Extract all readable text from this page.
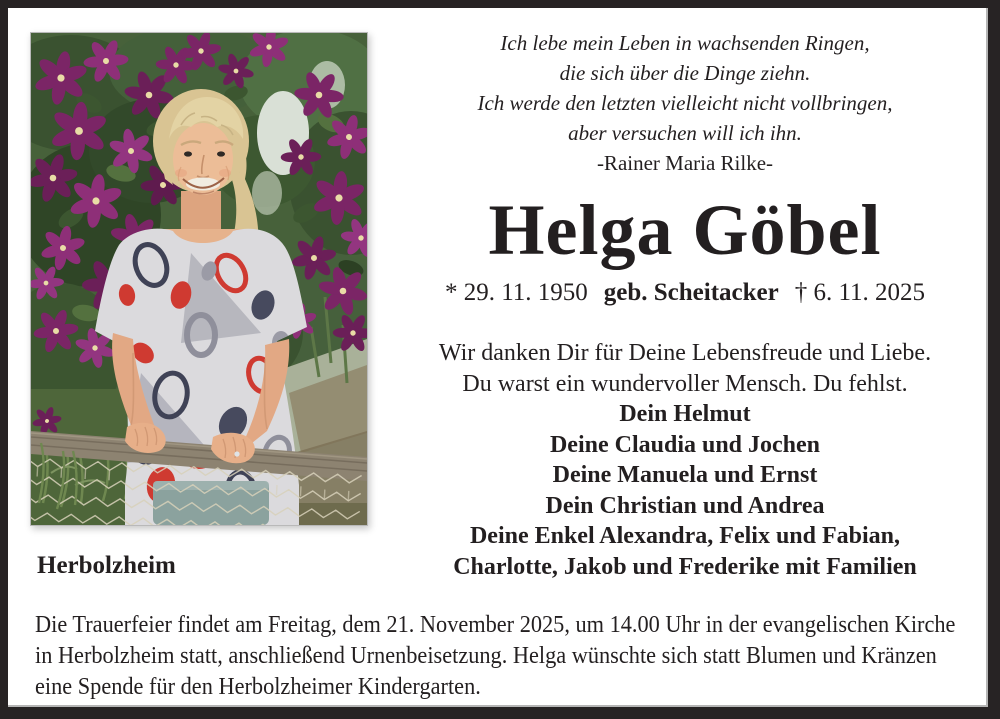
Ich lebe mein Leben in wachsenden Ringen,
die sich über die Dinge ziehn.
Ich werde den letzten vielleicht nicht vollbringen,
aber versuchen will ich ihn.
-Rainer Maria Rilke-
Helga Göbel
* 29. 11. 1950 geb. Scheitacker † 6. 11. 2025
Wir danken Dir für Deine Lebensfreude und Liebe.
Du warst ein wundervoller Mensch. Du fehlst.
Dein Helmut
Deine Claudia und Jochen
Deine Manuela und Ernst
Dein Christian und Andrea
Deine Enkel Alexandra, Felix und Fabian,
Charlotte, Jakob und Frederike mit Familien
Herbolzheim
Die Trauerfeier findet am Freitag, dem 21. November 2025, um 14.00 Uhr in der evangelischen Kirche
in Herbolzheim statt, anschließend Urnenbeisetzung. Helga wünschte sich statt Blumen und Kränzen
eine Spende für den Herbolzheimer Kindergarten.
